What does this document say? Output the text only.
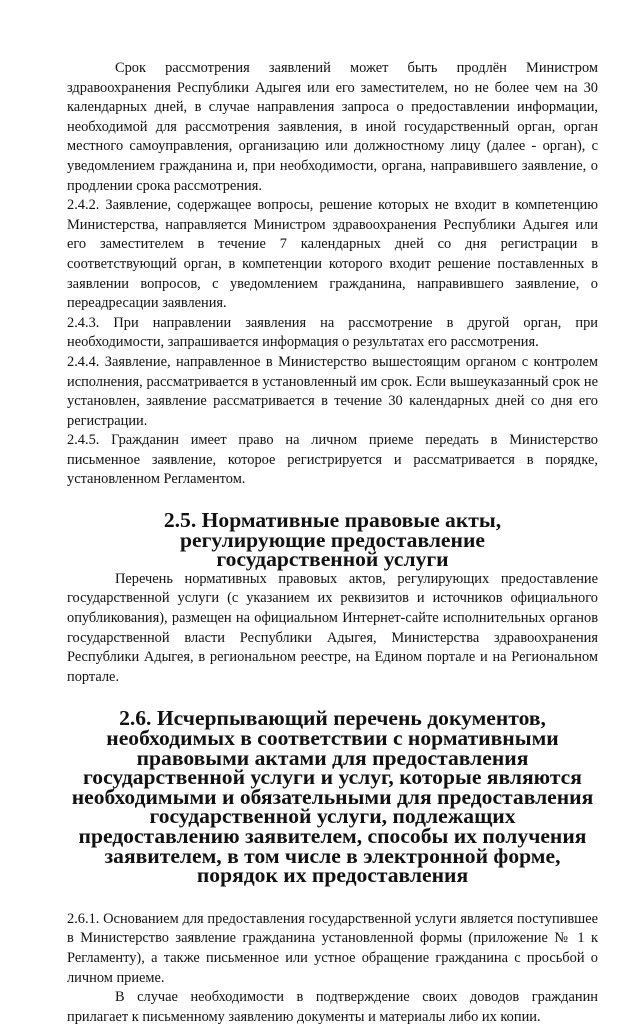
Срок рассмотрения заявлений может быть продлён Министром здравоохранения Республики Адыгея или его заместителем, но не более чем на 30 календарных дней, в случае направления запроса о предоставлении информации, необходимой для рассмотрения заявления, в иной государственный орган, орган местного самоуправления, организацию или должностному лицу (далее - орган), с уведомлением гражданина и, при необходимости, органа, направившего заявление, о продлении срока рассмотрения.

2.4.2. Заявление, содержащее вопросы, решение которых не входит в компетенцию Министерства, направляется Министром здравоохранения Республики Адыгея или его заместителем в течение 7 календарных дней со дня регистрации в соответствующий орган, в компетенции которого входит решение поставленных в заявлении вопросов, с уведомлением гражданина, направившего заявление, о переадресации заявления.

2.4.3. При направлении заявления на рассмотрение в другой орган, при необходимости, запрашивается информация о результатах его рассмотрения.

2.4.4. Заявление, направленное в Министерство вышестоящим органом с контролем исполнения, рассматривается в установленный им срок. Если вышеуказанный срок не установлен, заявление рассматривается в течение 30 календарных дней со дня его регистрации.

2.4.5. Гражданин имеет право на личном приеме передать в Министерство письменное заявление, которое регистрируется и рассматривается в порядке, установленном Регламентом.

2.5. Нормативные правовые акты, регулирующие предоставление государственной услуги

Перечень нормативных правовых актов, регулирующих предоставление государственной услуги (с указанием их реквизитов и источников официального опубликования), размещен на официальном Интернет-сайте исполнительных органов государственной власти Республики Адыгея, Министерства здравоохранения Республики Адыгея, в региональном реестре, на Едином портале и на Региональном портале.

2.6. Исчерпывающий перечень документов, необходимых в соответствии с нормативными правовыми актами для предоставления государственной услуги и услуг, которые являются необходимыми и обязательными для предоставления государственной услуги, подлежащих предоставлению заявителем, способы их получения заявителем, в том числе в электронной форме, порядок их предоставления

2.6.1. Основанием для предоставления государственной услуги является поступившее в Министерство заявление гражданина установленной формы (приложение № 1 к Регламенту), а также письменное или устное обращение гражданина с просьбой о личном приеме.

В случае необходимости в подтверждение своих доводов гражданин прилагает к письменному заявлению документы и материалы либо их копии.
